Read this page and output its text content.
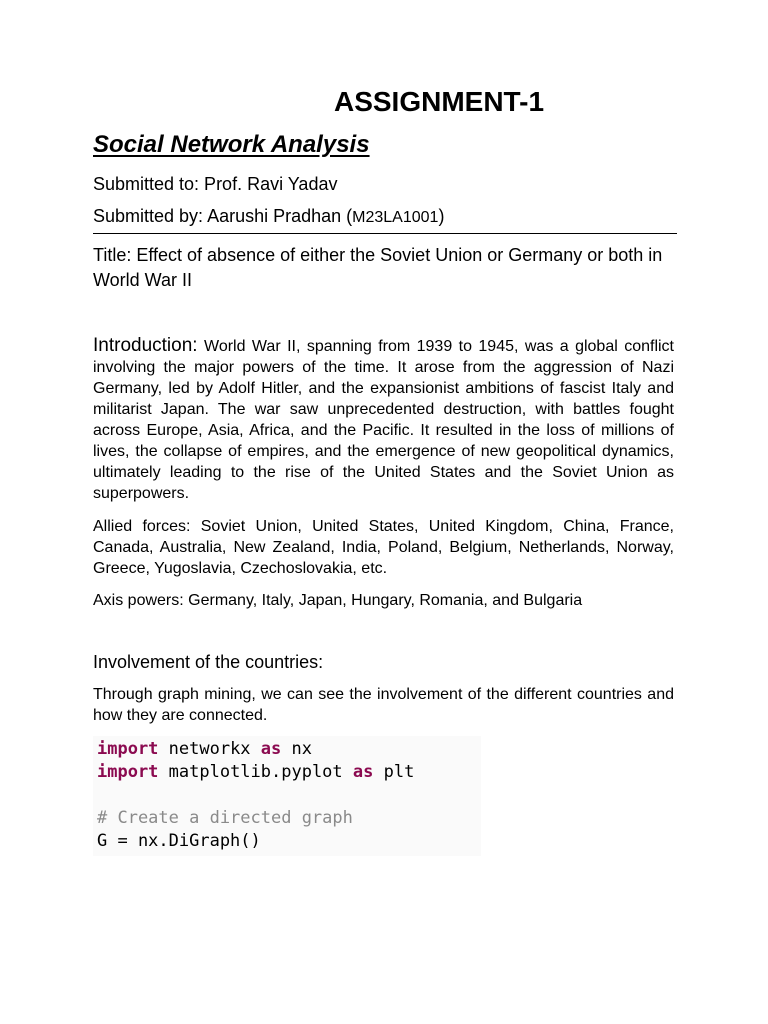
ASSIGNMENT-1
Social Network Analysis
Submitted to: Prof. Ravi Yadav
Submitted by: Aarushi Pradhan (M23LA1001)
Title: Effect of absence of either the Soviet Union or Germany or both in World War II
Introduction: World War II, spanning from 1939 to 1945, was a global conflict involving the major powers of the time. It arose from the aggression of Nazi Germany, led by Adolf Hitler, and the expansionist ambitions of fascist Italy and militarist Japan. The war saw unprecedented destruction, with battles fought across Europe, Asia, Africa, and the Pacific. It resulted in the loss of millions of lives, the collapse of empires, and the emergence of new geopolitical dynamics, ultimately leading to the rise of the United States and the Soviet Union as superpowers.
Allied forces: Soviet Union, United States, United Kingdom, China, France, Canada, Australia, New Zealand, India, Poland, Belgium, Netherlands, Norway, Greece, Yugoslavia, Czechoslovakia, etc.
Axis powers: Germany, Italy, Japan, Hungary, Romania, and Bulgaria
Involvement of the countries:
Through graph mining, we can see the involvement of the different countries and how they are connected.
import networkx as nx
import matplotlib.pyplot as plt
# Create a directed graph
G = nx.DiGraph()
